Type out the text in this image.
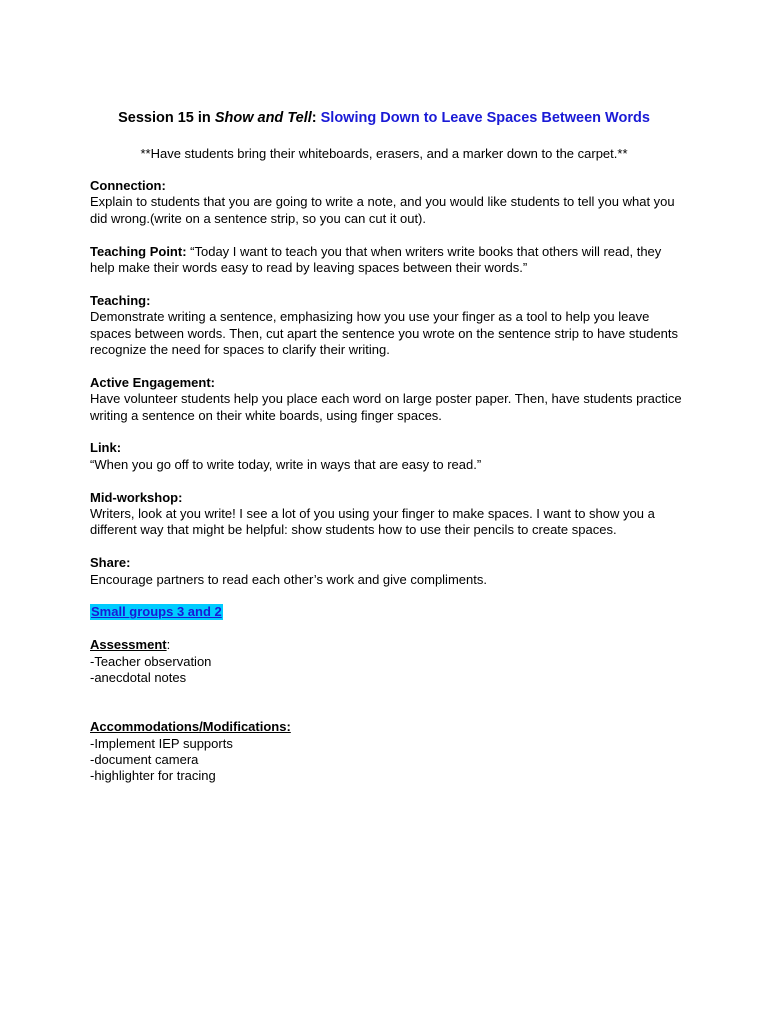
Session 15 in Show and Tell: Slowing Down to Leave Spaces Between Words
**Have students bring their whiteboards, erasers, and a marker down to the carpet.**
Connection:

Explain to students that you are going to write a note, and you would like students to tell you what you did wrong.(write on a sentence strip, so you can cut it out).

Teaching Point: “Today I want to teach you that when writers write books that others will read, they help make their words easy to read by leaving spaces between their words.”

Teaching:

Demonstrate writing a sentence, emphasizing how you use your finger as a tool to help you leave spaces between words. Then, cut apart the sentence you wrote on the sentence strip to have students recognize the need for spaces to clarify their writing.

Active Engagement:

Have volunteer students help you place each word on large poster paper. Then, have students practice writing a sentence on their white boards, using finger spaces.

Link:

“When you go off to write today, write in ways that are easy to read.”

Mid-workshop:

Writers, look at you write! I see a lot of you using your finger to make spaces. I want to show you a different way that might be helpful: show students how to use their pencils to create spaces.

Share:

Encourage partners to read each other’s work and give compliments.

Small groups 3 and 2
Assessment:
-Teacher observation
-anecdotal notes
Accommodations/Modifications:
-Implement IEP supports
-document camera
-highlighter for tracing
